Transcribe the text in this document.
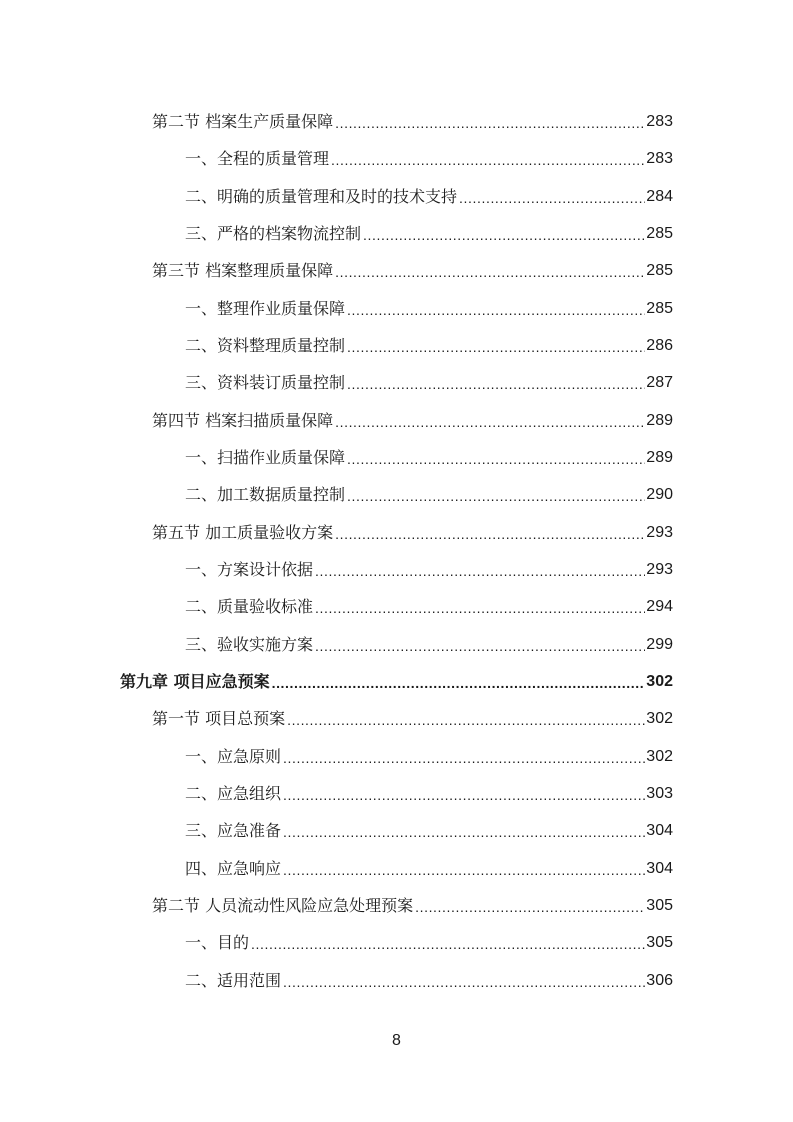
第二节 档案生产质量保障 .....	283
一、全程的质量管理 .....	283
二、明确的质量管理和及时的技术支持 .....	284
三、严格的档案物流控制 .....	285
第三节 档案整理质量保障 .....	285
一、整理作业质量保障 .....	285
二、资料整理质量控制 .....	286
三、资料装订质量控制 .....	287
第四节 档案扫描质量保障 .....	289
一、扫描作业质量保障 .....	289
二、加工数据质量控制 .....	290
第五节 加工质量验收方案 .....	293
一、方案设计依据 .....	293
二、质量验收标准 .....	294
三、验收实施方案 .....	299
第九章 项目应急预案 .....	302
第一节 项目总预案 .....	302
一、应急原则 .....	302
二、应急组织 .....	303
三、应急准备 .....	304
四、应急响应 .....	304
第二节 人员流动性风险应急处理预案 .....	305
一、目的 .....	305
二、适用范围 .....	306
8
